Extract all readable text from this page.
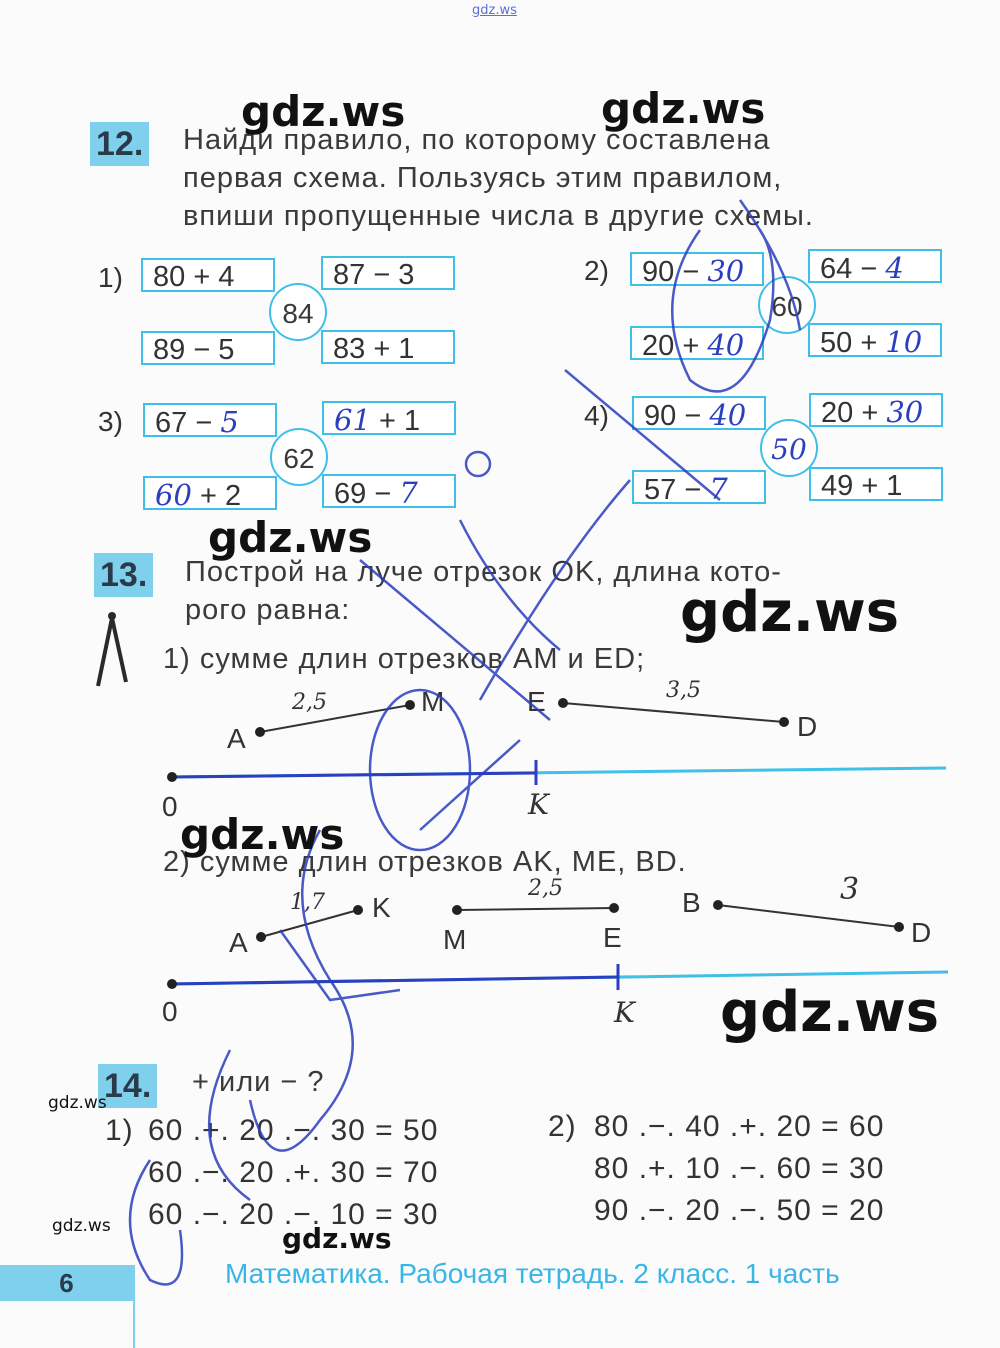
gdz.ws
12. Найди правило, по которому составлена
первая схема. Пользуясь этим правилом,
впиши пропущенные числа в другие схемы.
1)	80 + 4	87 − 3
89 − 5	83 + 1
84
2)	90 − 30	64 − 4
20 + 40	50 + 10
60
3)	67 − 5	61 + 1
60 + 2	69 − 7
62
4)	90 − 40	20 + 30
57 − 7	49 + 1
50
13. Построй на луче отрезок OK, длина кото-
рого равна:
1) сумме длин отрезков AM и ED;
A
M	E
D
0	K
2,5	3,5
2) сумме длин отрезков AK, ME, BD.
A
K
M	E
B
D
0	K
1,7
2,5	3
14. + или − ?
1) 60 .+. 20 .−. 30 = 50
60 .−. 20 .+. 30 = 70
60 .−. 20 .−. 10 = 30
2) 80 .−. 40 .+. 20 = 60
80 .+. 10 .−. 60 = 30
90 .−. 20 .−. 50 = 20
6	Математика. Рабочая тетрадь. 2 класс. 1 часть
gdz.ws	gdz.ws
gdz.ws
gdz.ws
gdz.ws
gdz.ws
gdz.ws
gdz.ws	gdz.ws
